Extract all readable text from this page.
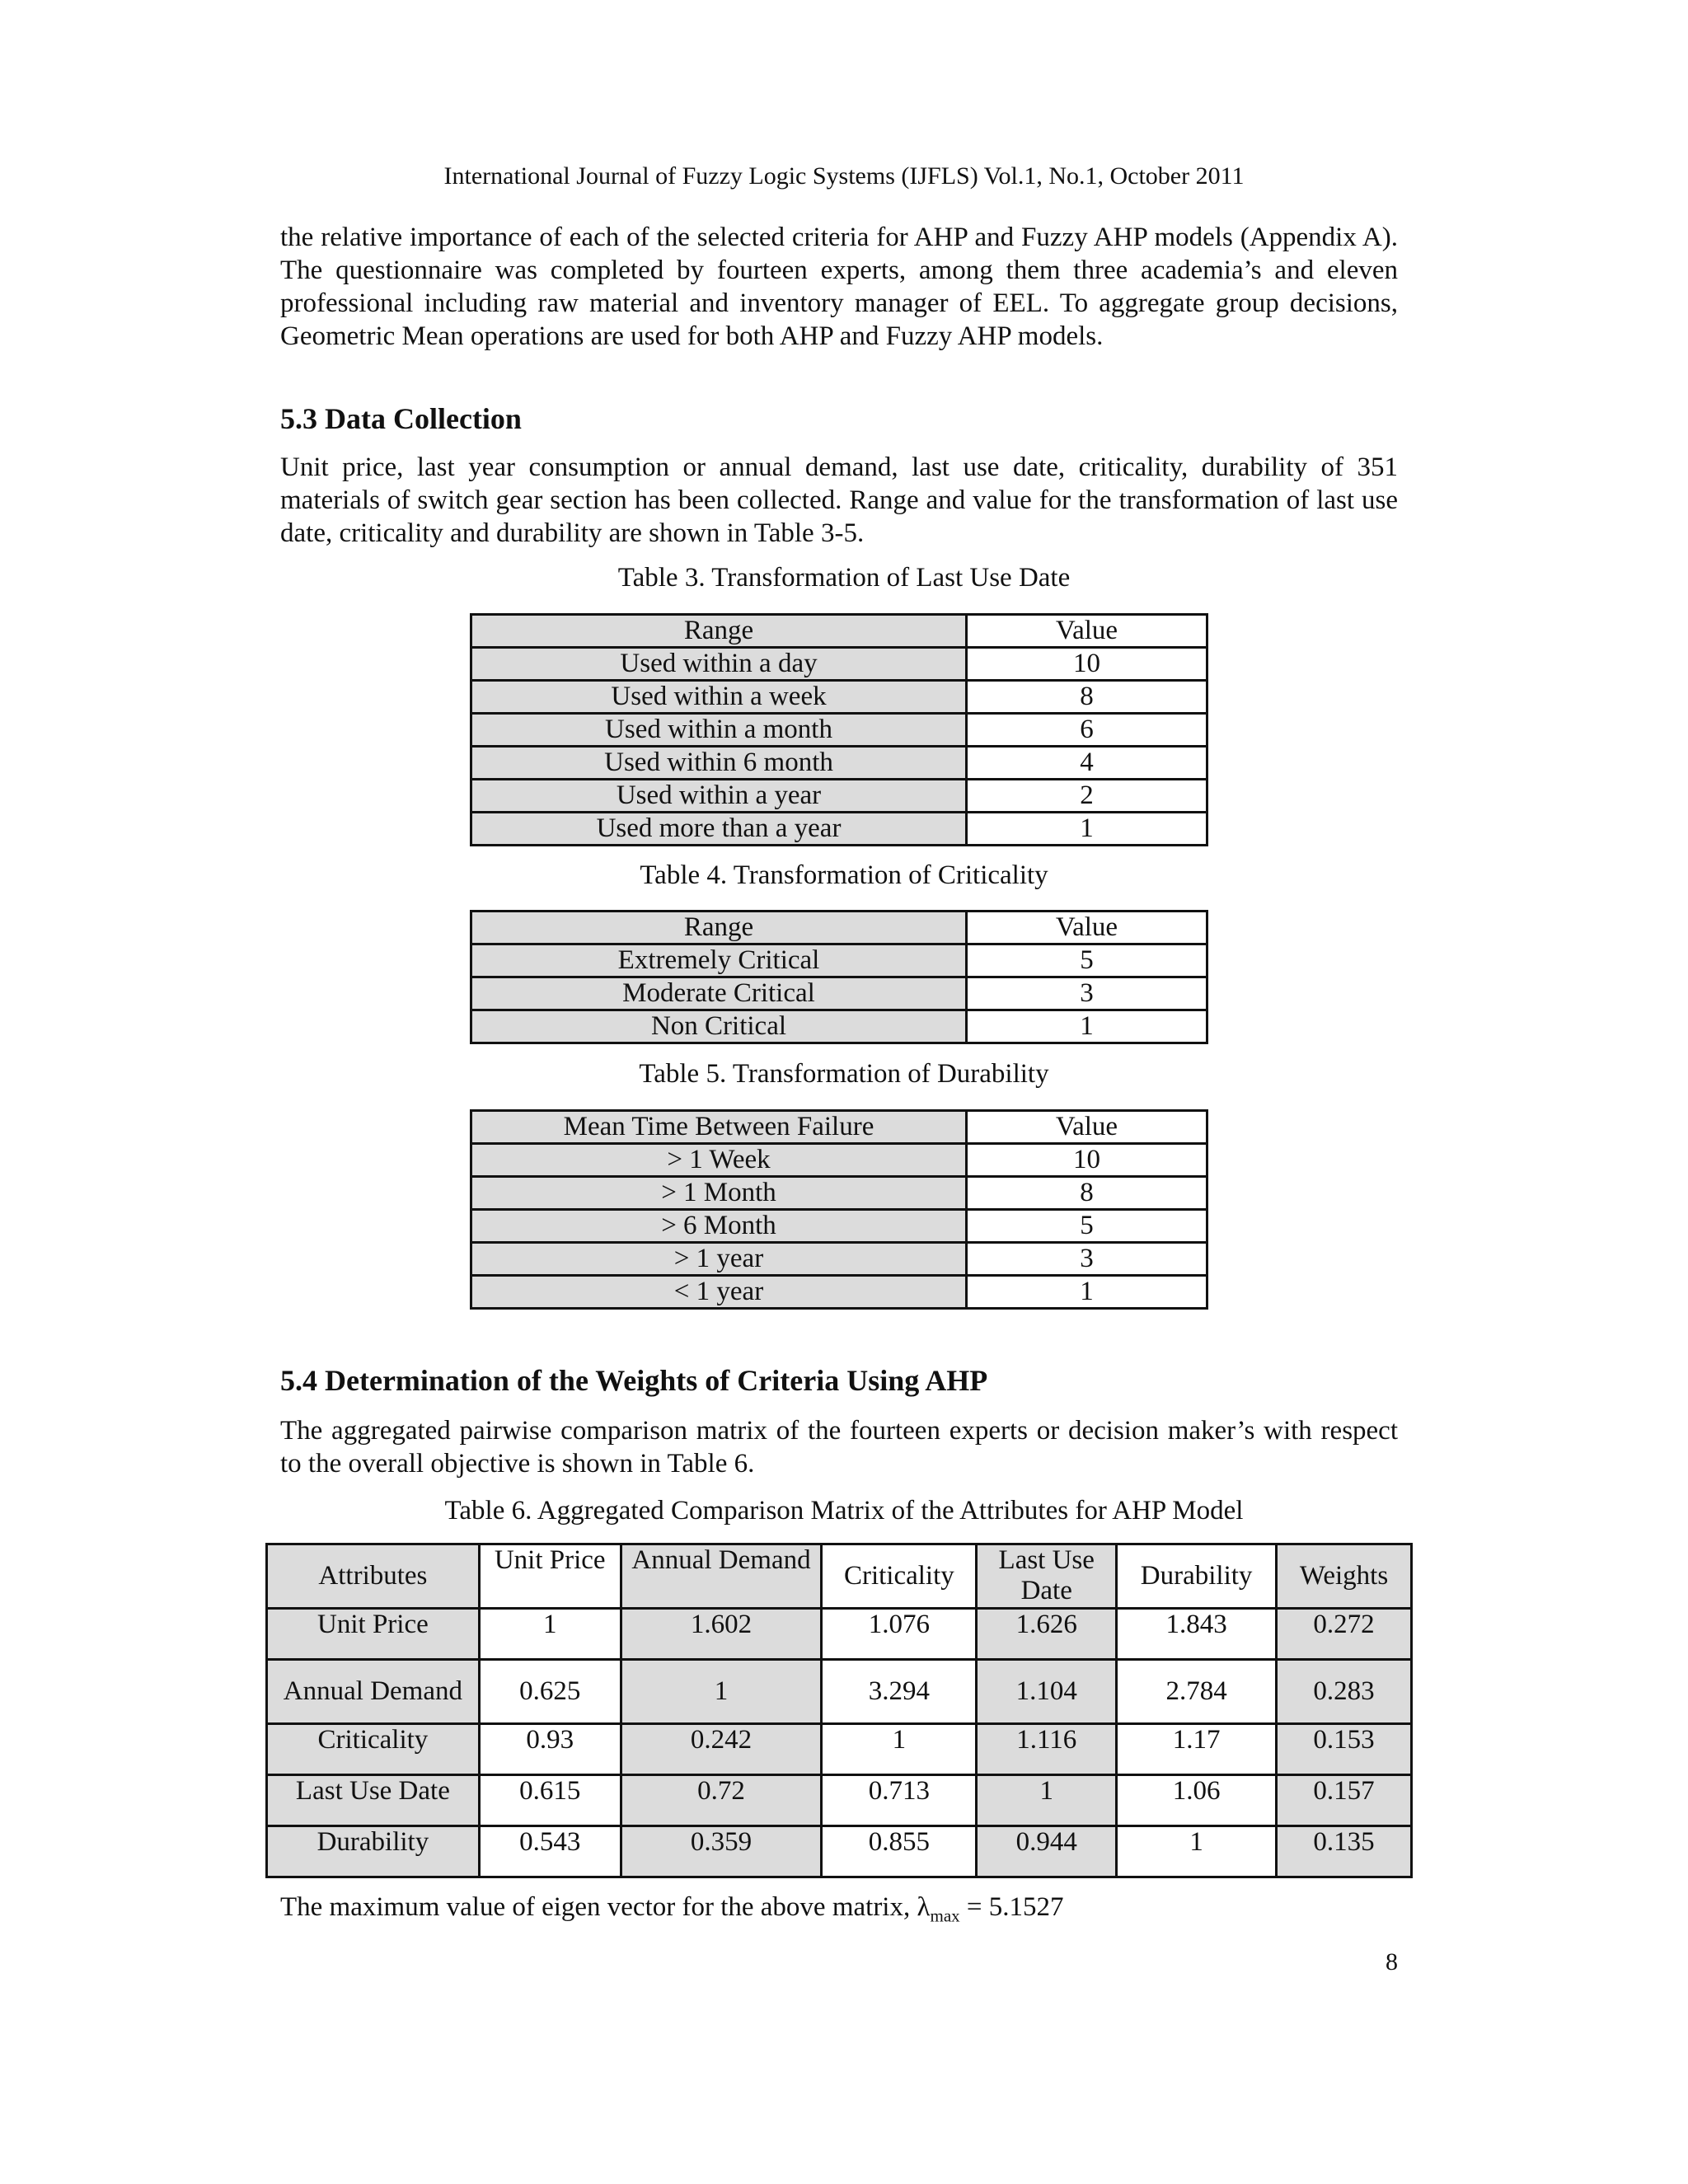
International Journal of Fuzzy Logic Systems (IJFLS) Vol.1, No.1, October 2011

the relative importance of each of the selected criteria for AHP and Fuzzy AHP models (Appendix A). The questionnaire was completed by fourteen experts, among them three academia’s and eleven professional including raw material and inventory manager of EEL. To aggregate group decisions, Geometric Mean operations are used for both AHP and Fuzzy AHP models.

5.3 Data Collection

Unit price, last year consumption or annual demand, last use date, criticality, durability of 351 materials of switch gear section has been collected. Range and value for the transformation of last use date, criticality and durability are shown in Table 3-5.

Table 3. Transformation of Last Use Date
Range	Value
Used within a day	10
Used within a week	8
Used within a month	6
Used within 6 month	4
Used within a year	2
Used more than a year	1
Table 4. Transformation of Criticality
Range	Value
Extremely Critical	5
Moderate Critical	3
Non Critical	1
Table 5. Transformation of Durability
Mean Time Between Failure	Value
> 1 Week	10
> 1 Month	8
> 6 Month	5
> 1 year	3
< 1 year	1
5.4 Determination of the Weights of Criteria Using AHP

The aggregated pairwise comparison matrix of the fourteen experts or decision maker’s with respect to the overall objective is shown in Table 6.

Table 6. Aggregated Comparison Matrix of the Attributes for AHP Model
Attributes	Unit Price	Annual Demand	Criticality	Last Use Date	Durability	Weights
Unit Price	1	1.602	1.076	1.626	1.843	0.272
Annual Demand	0.625	1	3.294	1.104	2.784	0.283
Criticality	0.93	0.242	1	1.116	1.17	0.153
Last Use Date	0.615	0.72	0.713	1	1.06	0.157
Durability	0.543	0.359	0.855	0.944	1	0.135
The maximum value of eigen vector for the above matrix, $\lambda_{max} = 5.1527$
8
